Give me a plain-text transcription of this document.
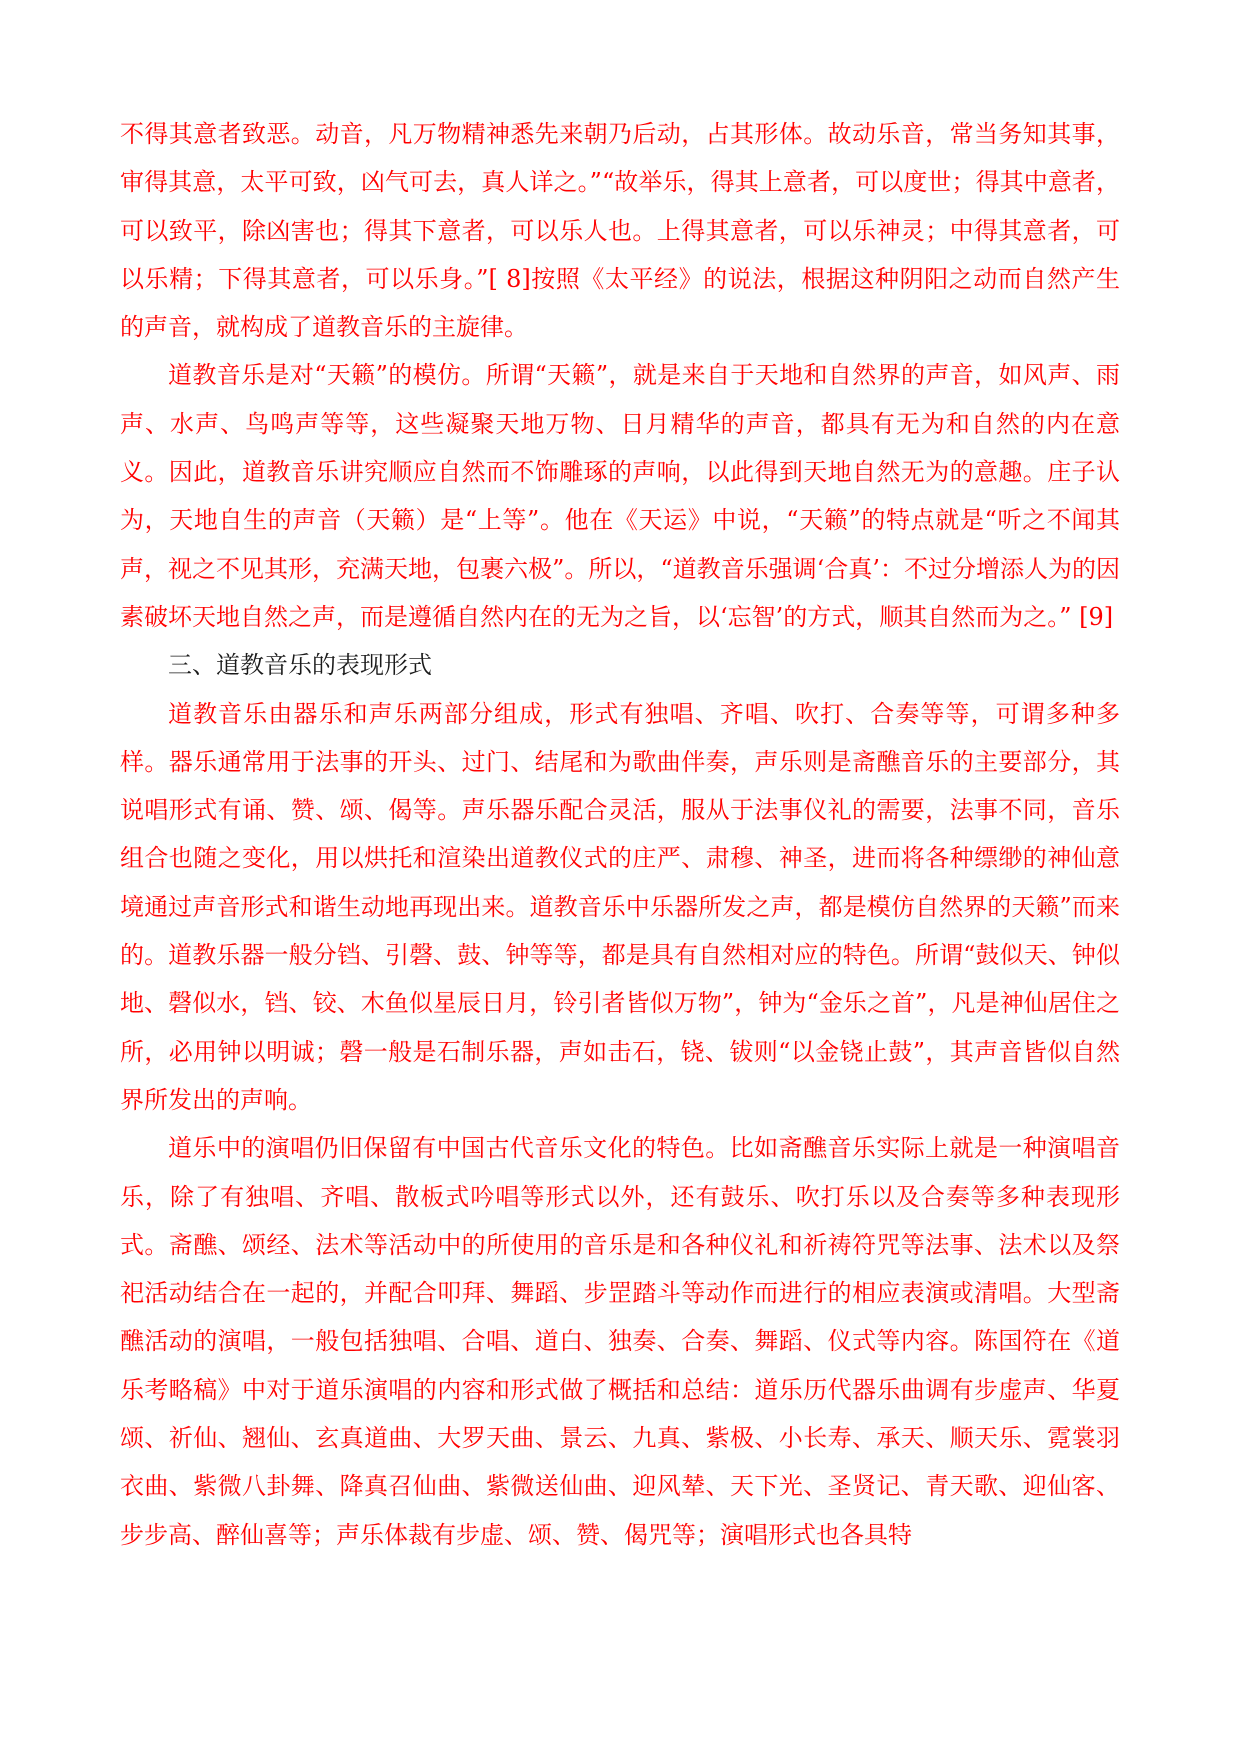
不得其意者致恶。动音，凡万物精神悉先来朝乃后动，占其形体。故动乐音，常当务知其事，审得其意，太平可致，凶气可去，真人详之。”“故举乐，得其上意者，可以度世；得其中意者，可以致平，除凶害也；得其下意者，可以乐人也。上得其意者，可以乐神灵；中得其意者，可以乐精；下得其意者，可以乐身。”[ 8]按照《太平经》的说法，根据这种阴阳之动而自然产生的声音，就构成了道教音乐的主旋律。

道教音乐是对“天籁”的模仿。所谓“天籁”，就是来自于天地和自然界的声音，如风声、雨声、水声、鸟鸣声等等，这些凝聚天地万物、日月精华的声音，都具有无为和自然的内在意义。因此，道教音乐讲究顺应自然而不饰雕琢的声响，以此得到天地自然无为的意趣。庄子认为，天地自生的声音（天籁）是“上等”。他在《天运》中说，“天籁”的特点就是“听之不闻其声，视之不见其形，充满天地，包裹六极”。所以，“道教音乐强调‘合真’：不过分增添人为的因素破坏天地自然之声，而是遵循自然内在的无为之旨，以‘忘智’的方式，顺其自然而为之。” [9]

三、道教音乐的表现形式

道教音乐由器乐和声乐两部分组成，形式有独唱、齐唱、吹打、合奏等等，可谓多种多样。器乐通常用于法事的开头、过门、结尾和为歌曲伴奏，声乐则是斋醮音乐的主要部分，其说唱形式有诵、赞、颂、偈等。声乐器乐配合灵活，服从于法事仪礼的需要，法事不同，音乐组合也随之变化，用以烘托和渲染出道教仪式的庄严、肃穆、神圣，进而将各种缥缈的神仙意境通过声音形式和谐生动地再现出来。道教音乐中乐器所发之声，都是模仿自然界的天籁”而来的。道教乐器一般分铛、引磬、鼓、钟等等，都是具有自然相对应的特色。所谓“鼓似天、钟似地、磬似水，铛、铰、木鱼似星辰日月，铃引者皆似万物”，钟为“金乐之首”，凡是神仙居住之所，必用钟以明诚；磬一般是石制乐器，声如击石，铙、钹则“以金铙止鼓”，其声音皆似自然界所发出的声响。

道乐中的演唱仍旧保留有中国古代音乐文化的特色。比如斋醮音乐实际上就是一种演唱音乐，除了有独唱、齐唱、散板式吟唱等形式以外，还有鼓乐、吹打乐以及合奏等多种表现形式。斋醮、颂经、法术等活动中的所使用的音乐是和各种仪礼和祈祷符咒等法事、法术以及祭祀活动结合在一起的，并配合叩拜、舞蹈、步罡踏斗等动作而进行的相应表演或清唱。大型斋醮活动的演唱，一般包括独唱、合唱、道白、独奏、合奏、舞蹈、仪式等内容。陈国符在《道乐考略稿》中对于道乐演唱的内容和形式做了概括和总结：道乐历代器乐曲调有步虚声、华夏颂、祈仙、翘仙、玄真道曲、大罗天曲、景云、九真、紫极、小长寿、承天、顺天乐、霓裳羽衣曲、紫微八卦舞、降真召仙曲、紫微送仙曲、迎风辇、天下光、圣贤记、青天歌、迎仙客、步步高、醉仙喜等；声乐体裁有步虚、颂、赞、偈咒等；演唱形式也各具特
